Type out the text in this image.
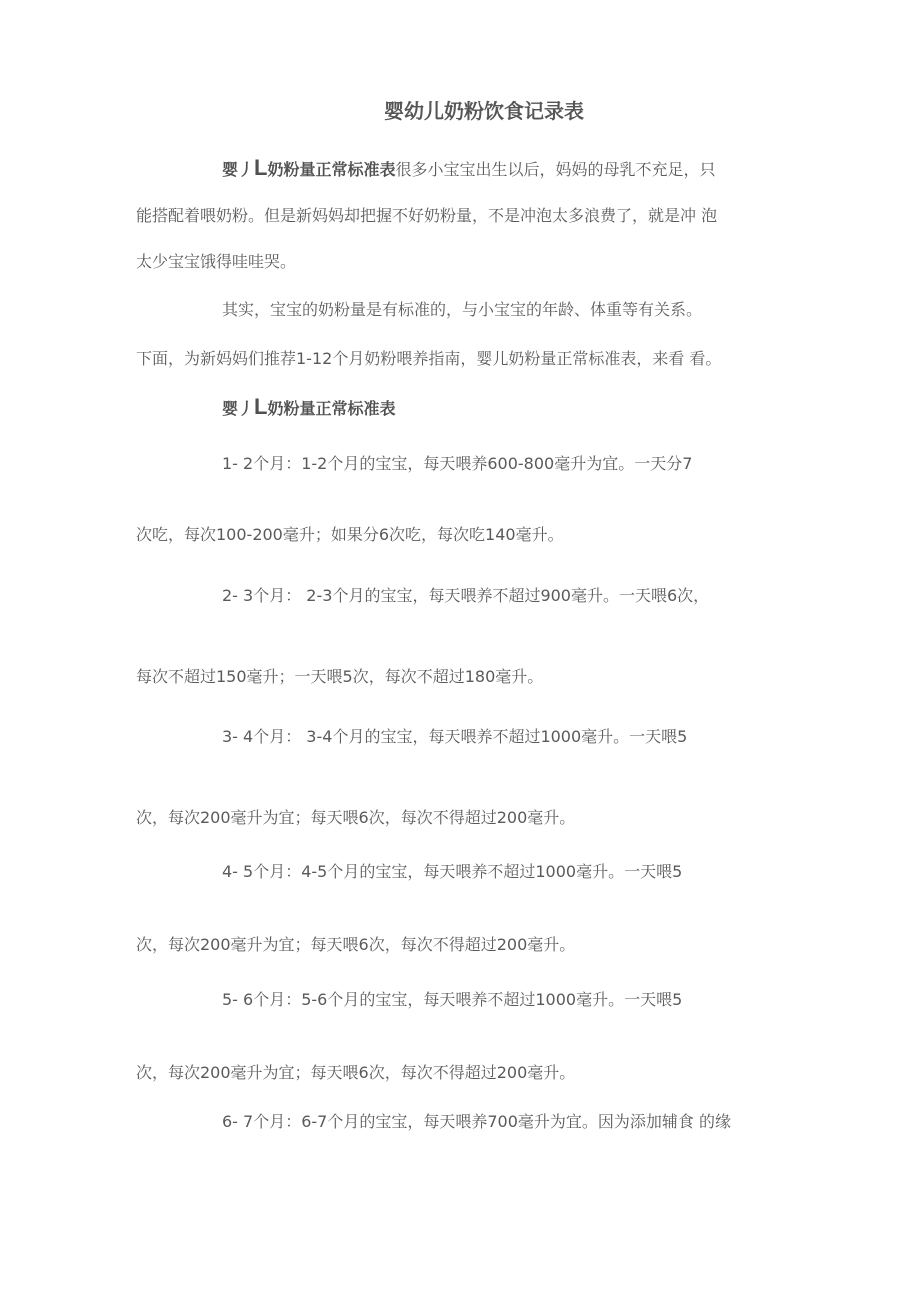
婴幼儿奶粉饮食记录表
婴丿L奶粉量正常标准表很多小宝宝出生以后，妈妈的母乳不充足，只
能搭配着喂奶粉。但是新妈妈却把握不好奶粉量，不是冲泡太多浪费了，就是冲 泡
太少宝宝饿得哇哇哭。
其实，宝宝的奶粉量是有标准的，与小宝宝的年龄、体重等有关系。
下面，为新妈妈们推荐1-12个月奶粉喂养指南，婴儿奶粉量正常标准表，来看 看。
婴丿L奶粉量正常标准表
1- 2个月：1-2个月的宝宝，每天喂养600-800毫升为宜。一天分7
次吃，每次100-200毫升；如果分6次吃，每次吃140毫升。
2- 3个月： 2-3个月的宝宝，每天喂养不超过900毫升。一天喂6次，
每次不超过150毫升；一天喂5次，每次不超过180毫升。
3- 4个月： 3-4个月的宝宝，每天喂养不超过1000毫升。一天喂5
次，每次200毫升为宜；每天喂6次，每次不得超过200毫升。
4- 5个月：4-5个月的宝宝，每天喂养不超过1000毫升。一天喂5
次，每次200毫升为宜；每天喂6次，每次不得超过200毫升。
5- 6个月：5-6个月的宝宝，每天喂养不超过1000毫升。一天喂5
次，每次200毫升为宜；每天喂6次，每次不得超过200毫升。
6- 7个月：6-7个月的宝宝，每天喂养700毫升为宜。因为添加辅食 的缘
